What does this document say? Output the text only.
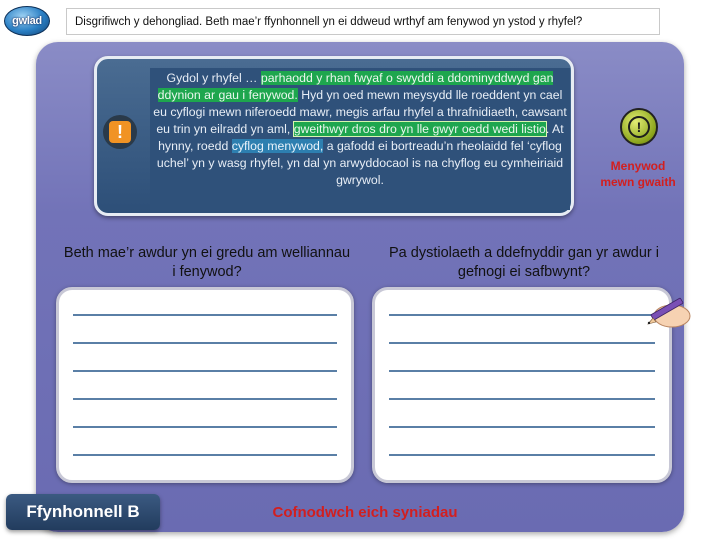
gwlad	Disgrifiwch y dehongliad. Beth mae’r ffynhonnell yn ei ddweud wrthyf am fenywod yn ystod y rhyfel?
Gydol y rhyfel … parhaodd y rhan fwyaf o swyddi a ddominyddwyd gan ddynion ar gau i fenywod. Hyd yn oed mewn meysydd lle roeddent yn cael eu cyflogi mewn niferoedd mawr, megis arfau rhyfel a thrafnidiaeth, cawsant eu trin yn eilradd yn aml, gweithwyr dros dro yn lle gwyr oedd wedi listio. At hynny, roedd cyflog menywod, a gafodd ei bortreadu’n rheolaidd fel ‘cyflog uchel’ yn y wasg rhyfel, yn dal yn arwyddocaol is na chyflog eu cymheiriaid gwrywol.
!	!
Menywod mewn gwaith
Beth mae’r awdur yn ei gredu am welliannau i fenywod?
Pa dystiolaeth a ddefnyddir gan yr awdur i gefnogi ei safbwynt?
Ffynhonnell B	Cofnodwch eich syniadau
